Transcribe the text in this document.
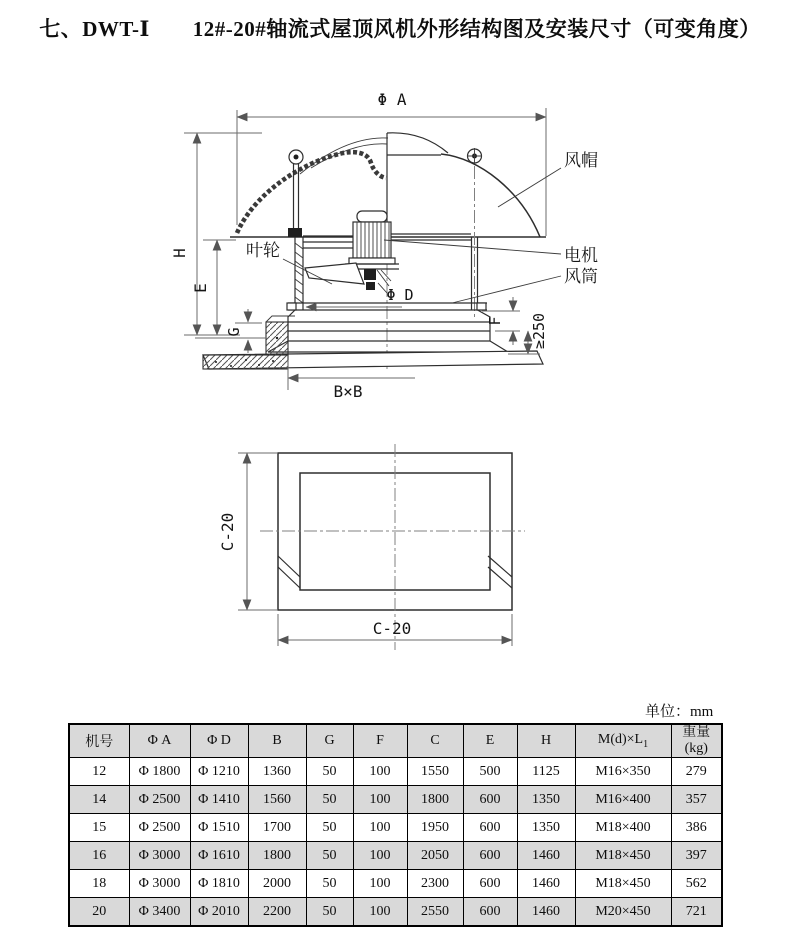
七、DWT-Ⅰ　　12#-20#轴流式屋顶风机外形结构图及安装尺寸（可变角度）
Φ A
H
E
G
F ≥250
B×B
Φ D
风帽
叶轮	电机
风筒
C-20
C-20
单位：mm
机号	Φ A	Φ D	B	G	F	C	E	H	$M(d)\times L_1$	重量
(kg)

12	Φ 1800	Φ 1210	1360	50	100	1550	500	1125	M16×350	279
14	Φ 2500	Φ 1410	1560	50	100	1800	600	1350	M16×400	357
15	Φ 2500	Φ 1510	1700	50	100	1950	600	1350	M18×400	386
16	Φ 3000	Φ 1610	1800	50	100	2050	600	1460	M18×450	397
18	Φ 3000	Φ 1810	2000	50	100	2300	600	1460	M18×450	562
20	Φ 3400	Φ 2010	2200	50	100	2550	600	1460	M20×450	721
